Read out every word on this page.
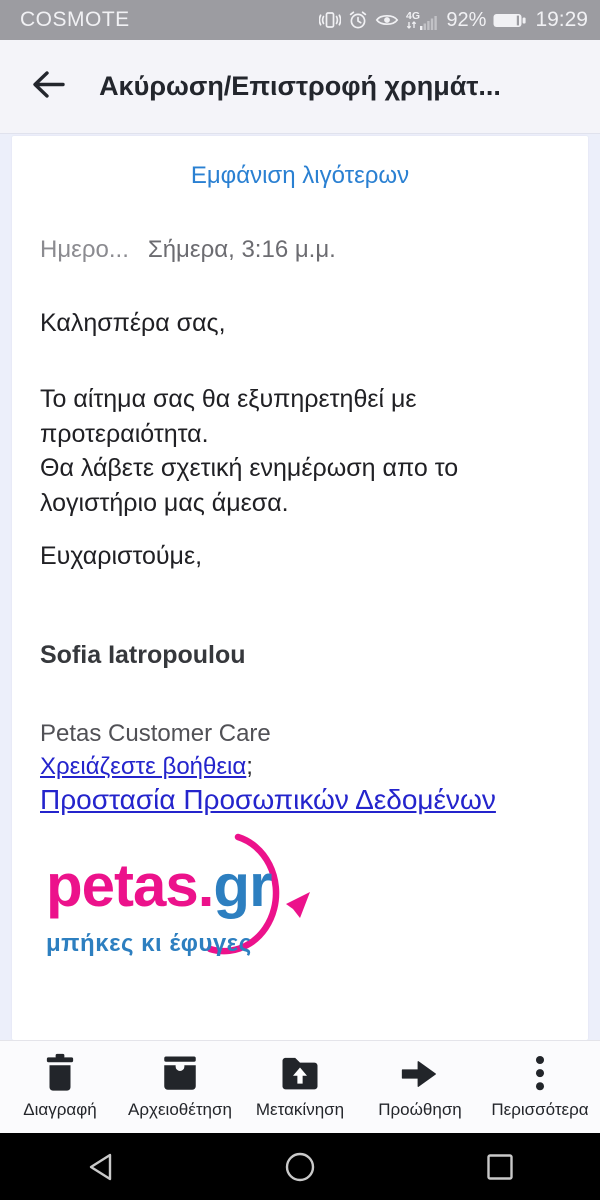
COSMOTE	4G 92% 19:29
Ακύρωση/Επιστροφή χρημάτ...
Εμφάνιση λιγότερων
Ημερο... Σήμερα, 3:16 μ.μ.
Καλησπέρα σας,
Το αίτημα σας θα εξυπηρετηθεί με προτεραιότητα.
Θα λάβετε σχετική ενημέρωση απο το λογιστήριο μας άμεσα.
Ευχαριστούμε,
Sofia Iatropoulou
Petas Customer Care
Χρειάζεστε βοήθεια;
Προστασία Προσωπικών Δεδομένων
petas.gr
μπήκες κι έφυγες
Διαγραφή Αρχειοθέτηση Μετακίνηση Προώθηση Περισσότερα
